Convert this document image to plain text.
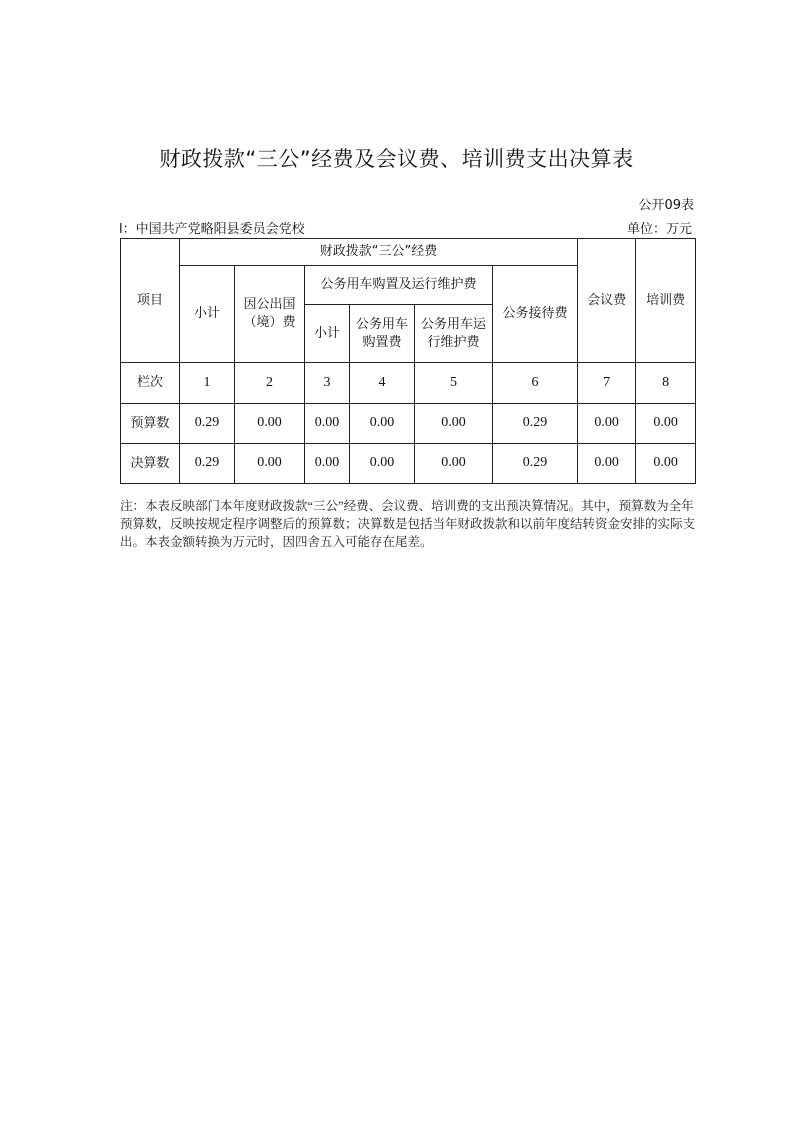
财政拨款“三公”经费及会议费、培训费支出决算表
公开09表
l：中国共产党略阳县委员会党校	单位：万元
项目	财政拨款“三公”经费						会议费	培训费
	小计	因公出国（境）费	公务用车购置及运行维护费			公务接待费		
			小计	公务用车购置费	公务用车运行维护费			
栏次	1	2	3	4	5	6	7	8
预算数	0.29	0.00	0.00	0.00	0.00	0.29	0.00	0.00
决算数	0.29	0.00	0.00	0.00	0.00	0.29	0.00	0.00
注：本表反映部门本年度财政拨款“三公”经费、会议费、培训费的支出预决算情况。其中，预算数为全年预算数，反映按规定程序调整后的预算数；决算数是包括当年财政拨款和以前年度结转资金安排的实际支出。本表金额转换为万元时，因四舍五入可能存在尾差。
